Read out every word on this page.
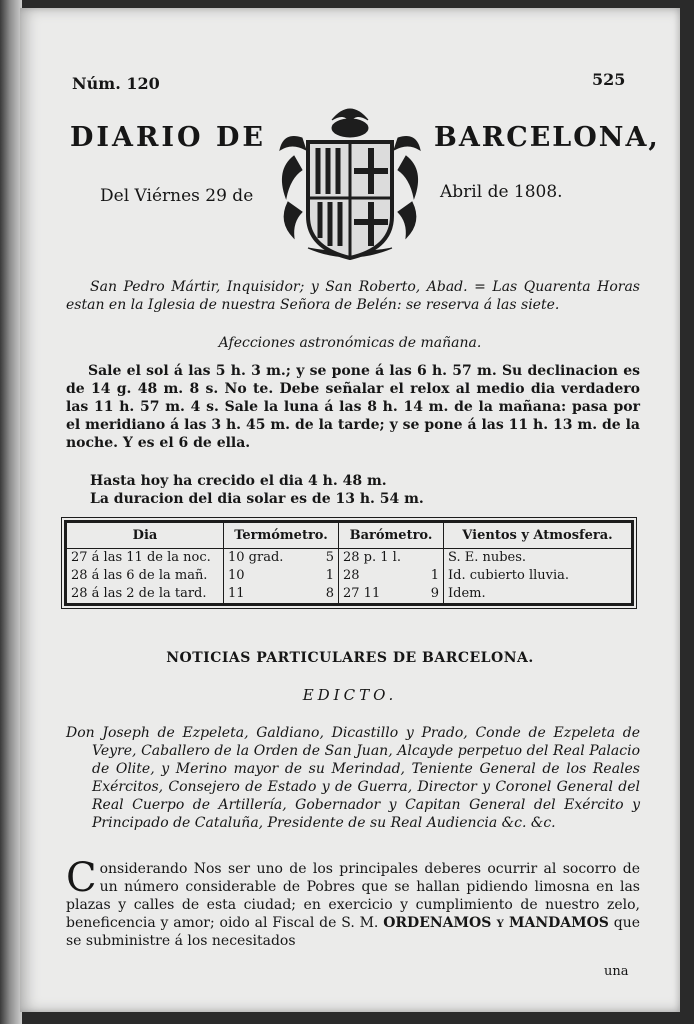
Núm. 120	525
DIARIO DE	BARCELONA,
Del Viérnes 29 de	Abril de 1808.
San Pedro Mártir, Inquisidor; y San Roberto, Abad. = Las Quarenta Horas estan en la Iglesia de nuestra Señora de Belén: se reserva á las siete.
Afecciones astronómicas de mañana.
Sale el sol á las 5 h. 3 m.; y se pone á las 6 h. 57 m. Su declinacion es de 14 g. 48 m. 8 s. No te. Debe señalar el relox al medio dia verdadero las 11 h. 57 m. 4 s. Sale la luna á las 8 h. 14 m. de la mañana: pasa por el meridiano á las 3 h. 45 m. de la tarde; y se pone á las 11 h. 13 m. de la noche. Y es el 6 de ella.
Hasta hoy ha crecido el dia 4 h. 48 m.
La duracion del dia solar es de 13 h. 54 m.
Dia	Termómetro.	Barómetro.	Vientos y Atmosfera.
27 á las 11 de la noc.	10 grad. 5	28 p. 1 l.	S. E. nubes.
28 á las 6 de la mañ.	10 1	28 1	Id. cubierto lluvia.
28 á las 2 de la tard.	11 8	27 11 9	Idem.
NOTICIAS PARTICULARES DE BARCELONA.
EDICTO.
Don Joseph de Ezpeleta, Galdiano, Dicastillo y Prado, Conde de Ezpeleta de Veyre, Caballero de la Orden de San Juan, Alcayde perpetuo del Real Palacio de Olite, y Merino mayor de su Merindad, Teniente General de los Reales Exércitos, Consejero de Estado y de Guerra, Director y Coronel General del Real Cuerpo de Artillería, Gobernador y Capitan General del Exército y Principado de Cataluña, Presidente de su Real Audiencia &c. &c.
Considerando Nos ser uno de los principales deberes ocurrir al socorro de un número considerable de Pobres que se hallan pidiendo limosna en las plazas y calles de esta ciudad; en exercicio y cumplimiento de nuestro zelo, beneficencia y amor; oido al Fiscal de S. M. ORDENAMOS y MANDAMOS que se subministre á los necesitados
una
